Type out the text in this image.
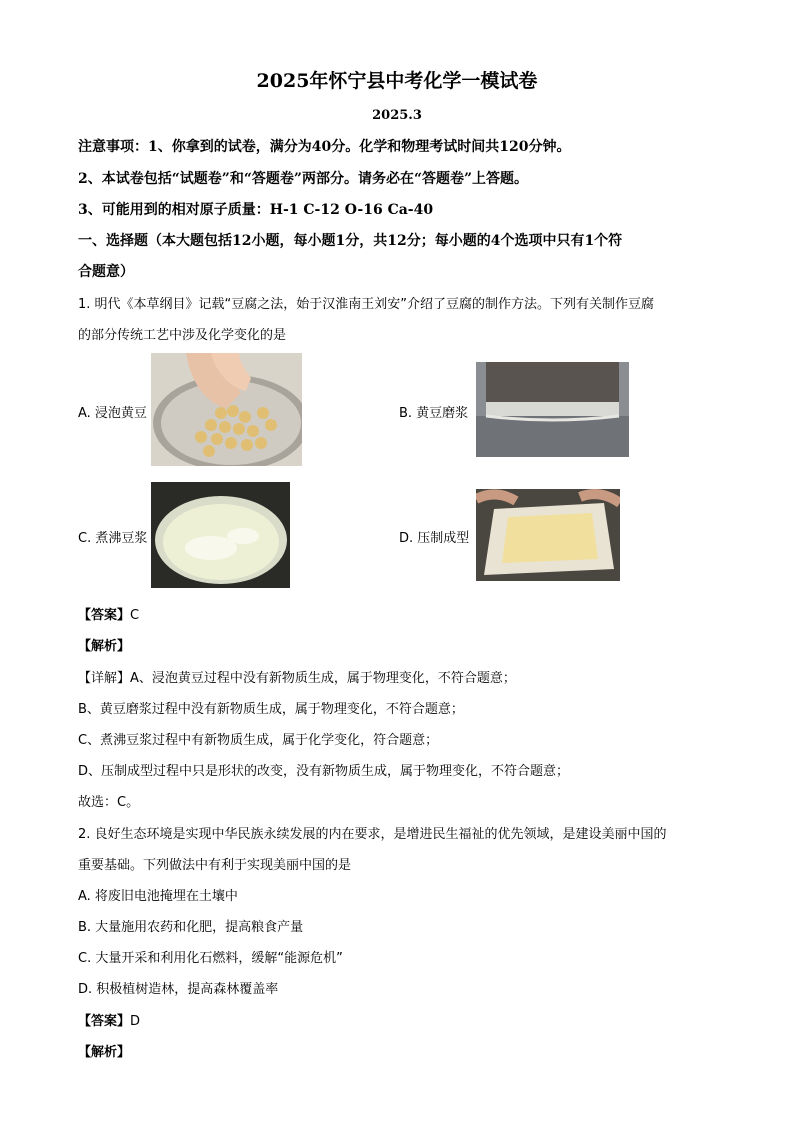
2025年怀宁县中考化学一模试卷
2025.3
注意事项：1、你拿到的试卷，满分为40分。化学和物理考试时间共120分钟。
2、本试卷包括“试题卷”和“答题卷”两部分。请务必在“答题卷”上答题。
3、可能用到的相对原子质量：H-1 C-12 O-16 Ca-40
一、选择题（本大题包括12小题，每小题1分，共12分；每小题的4个选项中只有1个符
合题意）
1. 明代《本草纲目》记载“豆腐之法，始于汉淮南王刘安”介绍了豆腐的制作方法。下列有关制作豆腐
的部分传统工艺中涉及化学变化的是
A. 浸泡黄豆	B. 黄豆磨浆
C. 煮沸豆浆	D. 压制成型
【答案】C
【解析】
【详解】A、浸泡黄豆过程中没有新物质生成，属于物理变化，不符合题意；
B、黄豆磨浆过程中没有新物质生成，属于物理变化，不符合题意；
C、煮沸豆浆过程中有新物质生成，属于化学变化，符合题意；
D、压制成型过程中只是形状的改变，没有新物质生成，属于物理变化，不符合题意；
故选：C。
2. 良好生态环境是实现中华民族永续发展的内在要求，是增进民生福祉的优先领域，是建设美丽中国的
重要基础。下列做法中有利于实现美丽中国的是
A. 将废旧电池掩埋在土壤中
B. 大量施用农药和化肥，提高粮食产量
C. 大量开采和利用化石燃料，缓解“能源危机”
D. 积极植树造林，提高森林覆盖率
【答案】D
【解析】
